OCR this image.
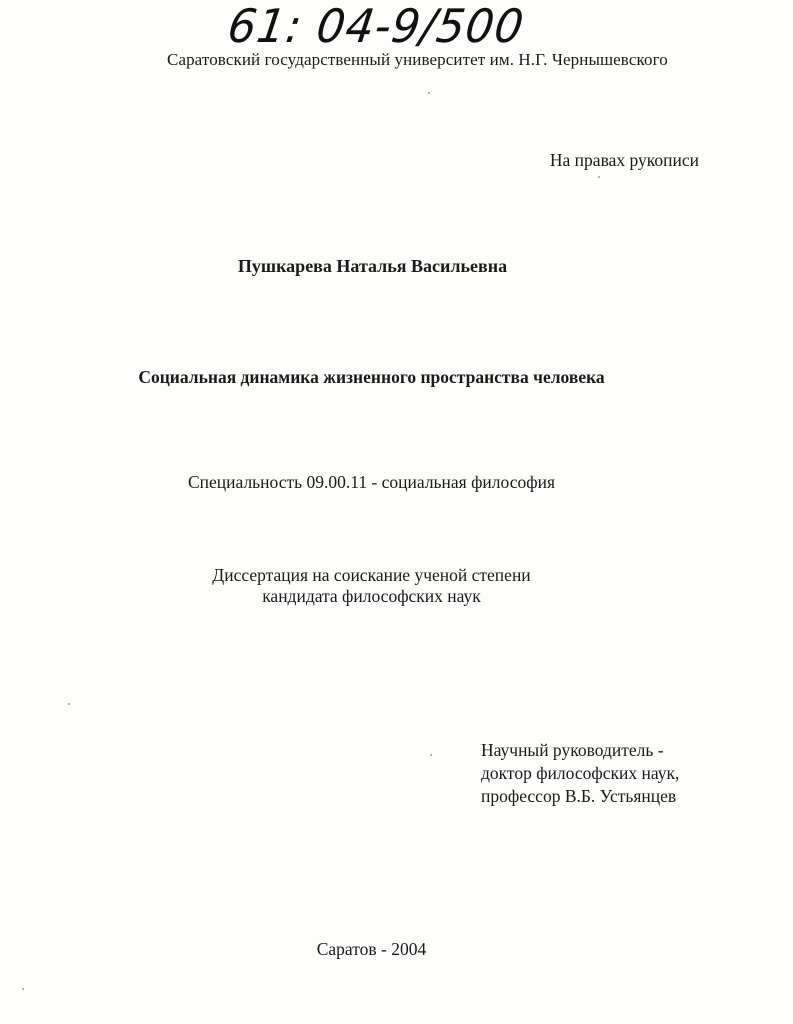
61: 04-9/500
Саратовский государственный университет им. Н.Г. Чернышевского
На правах рукописи
Пушкарева Наталья Васильевна
Социальная динамика жизненного пространства человека
Специальность 09.00.11 - социальная философия
Диссертация на соискание ученой степени
кандидата философских наук
Научный руководитель -
доктор философских наук,
профессор В.Б. Устьянцев
Саратов - 2004
